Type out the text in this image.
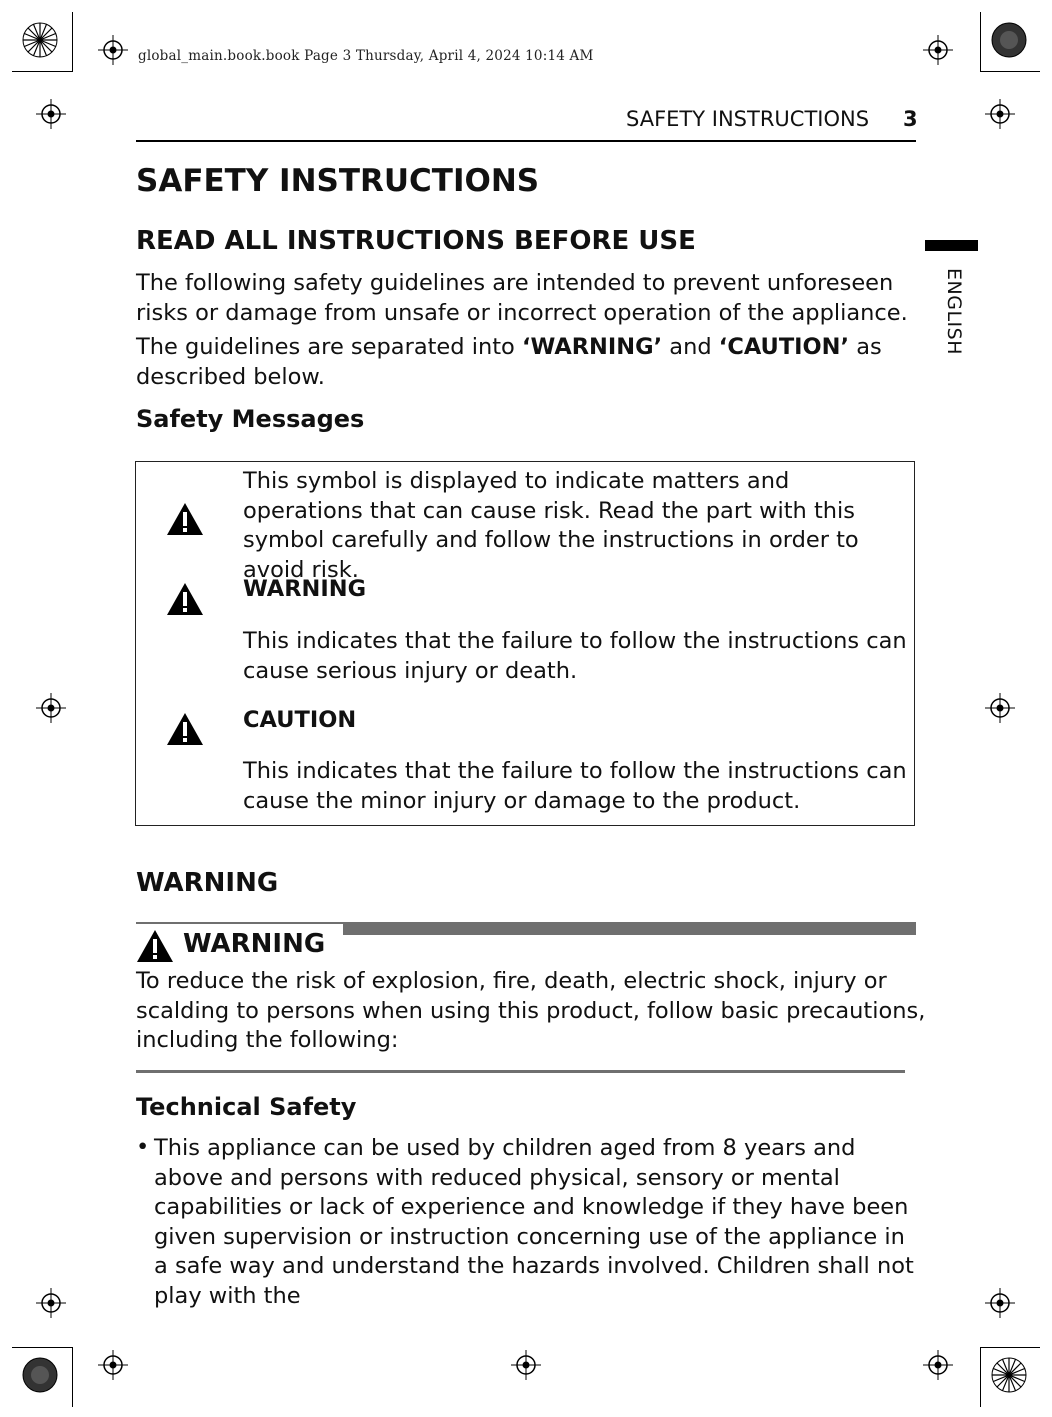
global_main.book.book Page 3 Thursday, April 4, 2024 10:14 AM
SAFETY INSTRUCTIONS 3
ENGLISH
SAFETY INSTRUCTIONS
READ ALL INSTRUCTIONS BEFORE USE
The following safety guidelines are intended to prevent unforeseen risks or damage from unsafe or incorrect operation of the appliance.
The guidelines are separated into ‘WARNING’ and ‘CAUTION’ as described below.
Safety Messages
This symbol is displayed to indicate matters and operations that can cause risk. Read the part with this symbol carefully and follow the instructions in order to avoid risk.
WARNING
This indicates that the failure to follow the instructions can cause serious injury or death.
CAUTION
This indicates that the failure to follow the instructions can cause the minor injury or damage to the product.
WARNING
WARNING
To reduce the risk of explosion, fire, death, electric shock, injury or scalding to persons when using this product, follow basic precautions, including the following:
Technical Safety
• This appliance can be used by children aged from 8 years and above and persons with reduced physical, sensory or mental capabilities or lack of experience and knowledge if they have been given supervision or instruction concerning use of the appliance in a safe way and understand the hazards involved. Children shall not play with the
